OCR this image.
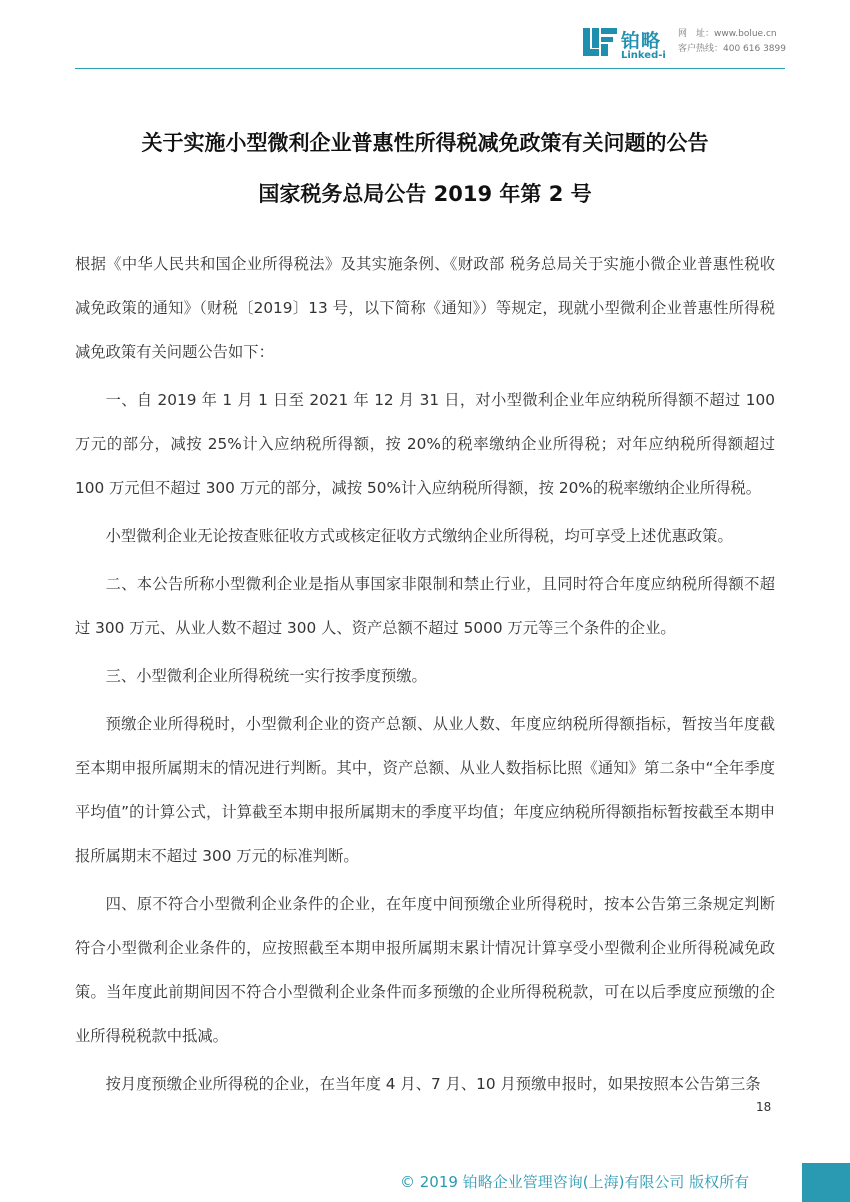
铂略
Linked-i
网　址：www.bolue.cn
客户热线：400 616 3899
关于实施小型微利企业普惠性所得税减免政策有关问题的公告
国家税务总局公告 2019 年第 2 号

根据《中华人民共和国企业所得税法》及其实施条例、《财政部 税务总局关于实施小微企业普惠性税收减免政策的通知》（财税〔2019〕13 号，以下简称《通知》）等规定，现就小型微利企业普惠性所得税减免政策有关问题公告如下：

一、自 2019 年 1 月 1 日至 2021 年 12 月 31 日，对小型微利企业年应纳税所得额不超过 100 万元的部分，减按 25%计入应纳税所得额，按 20%的税率缴纳企业所得税；对年应纳税所得额超过 100 万元但不超过 300 万元的部分，减按 50%计入应纳税所得额，按 20%的税率缴纳企业所得税。

小型微利企业无论按查账征收方式或核定征收方式缴纳企业所得税，均可享受上述优惠政策。

二、本公告所称小型微利企业是指从事国家非限制和禁止行业，且同时符合年度应纳税所得额不超过 300 万元、从业人数不超过 300 人、资产总额不超过 5000 万元等三个条件的企业。

三、小型微利企业所得税统一实行按季度预缴。

预缴企业所得税时，小型微利企业的资产总额、从业人数、年度应纳税所得额指标，暂按当年度截至本期申报所属期末的情况进行判断。其中，资产总额、从业人数指标比照《通知》第二条中“全年季度平均值”的计算公式，计算截至本期申报所属期末的季度平均值；年度应纳税所得额指标暂按截至本期申报所属期末不超过 300 万元的标准判断。

四、原不符合小型微利企业条件的企业，在年度中间预缴企业所得税时，按本公告第三条规定判断符合小型微利企业条件的，应按照截至本期申报所属期末累计情况计算享受小型微利企业所得税减免政策。当年度此前期间因不符合小型微利企业条件而多预缴的企业所得税税款，可在以后季度应预缴的企业所得税税款中抵减。

按月度预缴企业所得税的企业，在当年度 4 月、7 月、10 月预缴申报时，如果按照本公告第三条

18
© 2019 铂略企业管理咨询(上海)有限公司 版权所有
